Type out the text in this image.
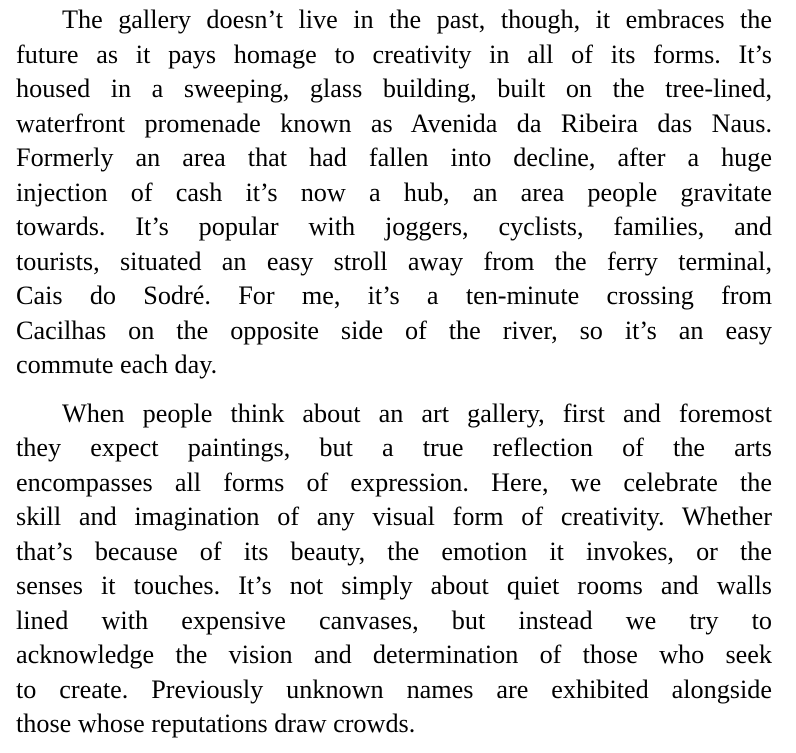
The gallery doesn’t live in the past, though, it embraces the
future as it pays homage to creativity in all of its forms. It’s
housed in a sweeping, glass building, built on the tree-lined,
waterfront promenade known as Avenida da Ribeira das Naus.
Formerly an area that had fallen into decline, after a huge
injection of cash it’s now a hub, an area people gravitate
towards. It’s popular with joggers, cyclists, families, and
tourists, situated an easy stroll away from the ferry terminal,
Cais do Sodré. For me, it’s a ten-minute crossing from
Cacilhas on the opposite side of the river, so it’s an easy
commute each day.

When people think about an art gallery, first and foremost
they expect paintings, but a true reflection of the arts
encompasses all forms of expression. Here, we celebrate the
skill and imagination of any visual form of creativity. Whether
that’s because of its beauty, the emotion it invokes, or the
senses it touches. It’s not simply about quiet rooms and walls
lined with expensive canvases, but instead we try to
acknowledge the vision and determination of those who seek
to create. Previously unknown names are exhibited alongside
those whose reputations draw crowds.
